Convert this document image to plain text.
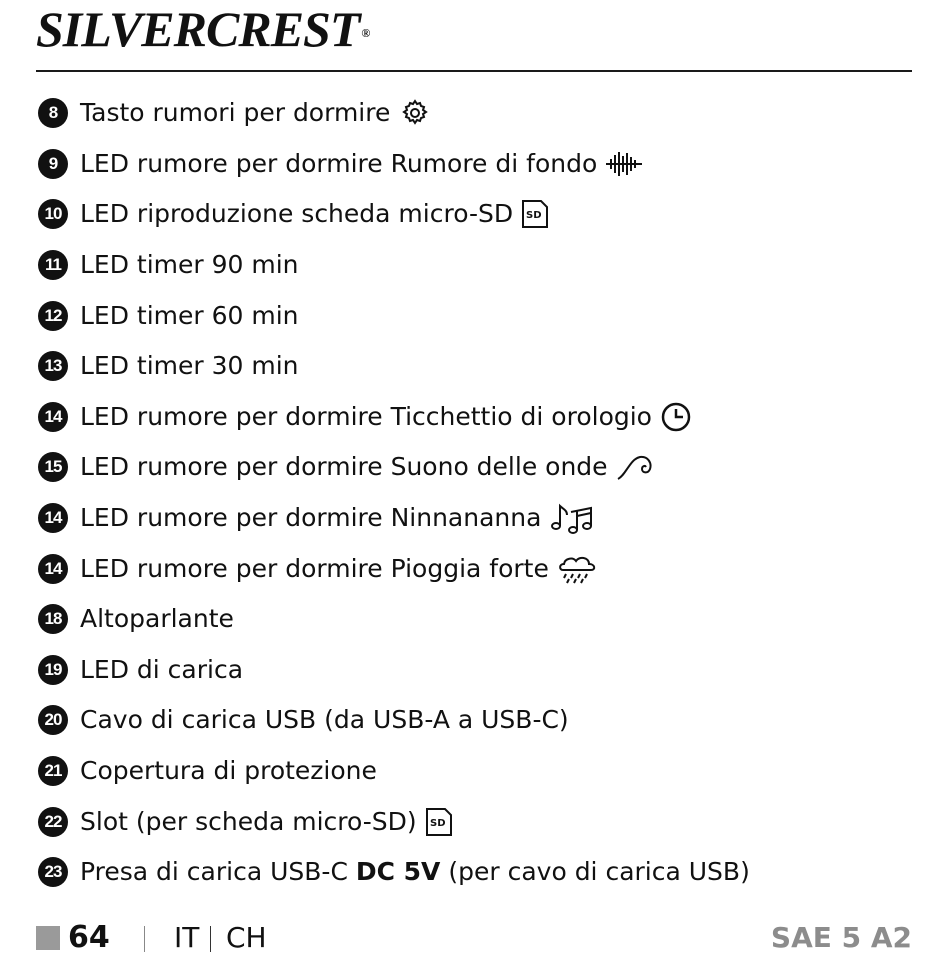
SILVERCREST ®
8 Tasto rumori per dormire
9 LED rumore per dormire Rumore di fondo
10 LED riproduzione scheda micro-SD SD
11 LED timer 90 min
12 LED timer 60 min
13 LED timer 30 min
14 LED rumore per dormire Ticchettio di orologio
15 LED rumore per dormire Suono delle onde
14 LED rumore per dormire Ninnananna
14 LED rumore per dormire Pioggia forte
18 Altoparlante
19 LED di carica
20 Cavo di carica USB (da USB-A a USB-C)
21 Copertura di protezione
22 Slot (per scheda micro-SD) SD
23 Presa di carica USB-C DC 5V (per cavo di carica USB)
64 IT CH	SAE 5 A2
